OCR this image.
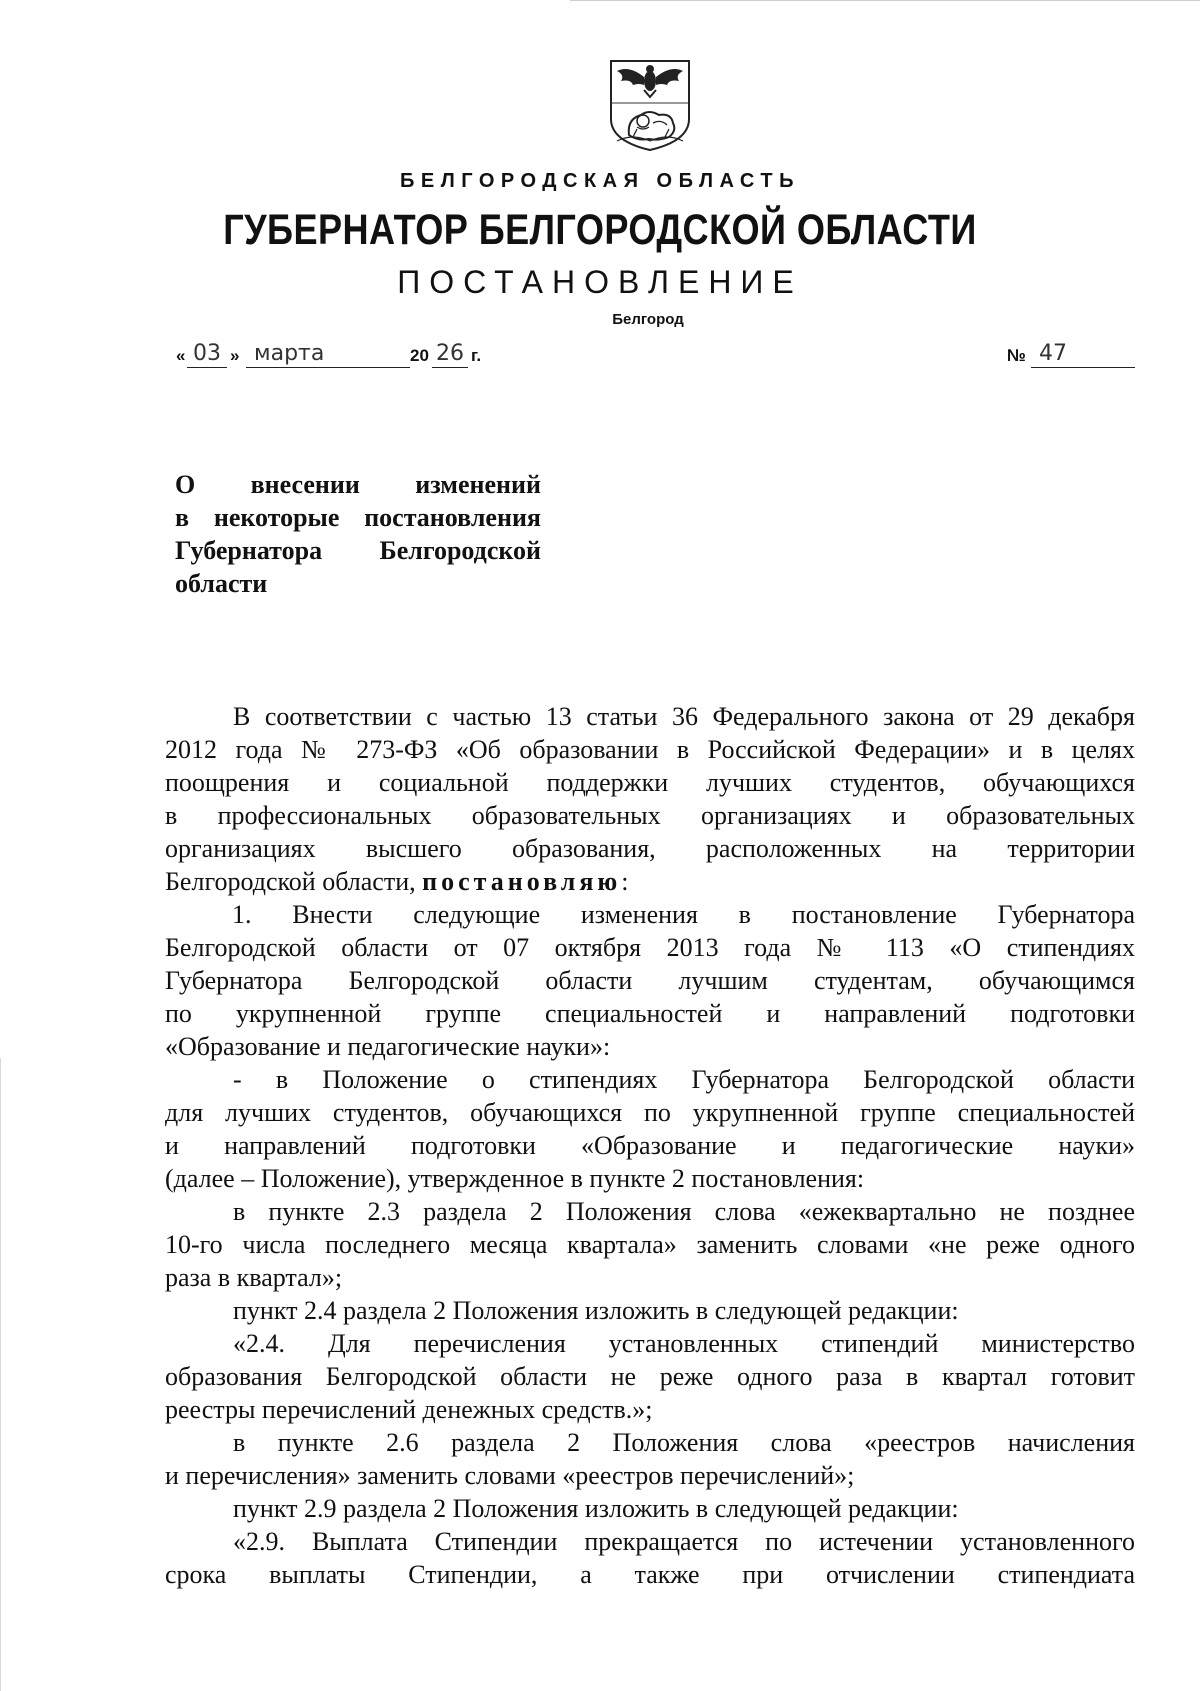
БЕЛГОРОДСКАЯ ОБЛАСТЬ
ГУБЕРНАТОР БЕЛГОРОДСКОЙ ОБЛАСТИ
ПОСТАНОВЛЕНИЕ
Белгород
« 03 » марта	20 26 г.	№ 47
О внесении изменений
в некоторые постановления
Губернатора Белгородской
области
В соответствии с частью 13 статьи 36 Федерального закона от 29 декабря
2012 года № 273-ФЗ «Об образовании в Российской Федерации» и в целях
поощрения и социальной поддержки лучших студентов, обучающихся
в профессиональных образовательных организациях и образовательных
организациях высшего образования, расположенных на территории
Белгородской области, постановляю:
1. Внести следующие изменения в постановление Губернатора
Белгородской области от 07 октября 2013 года № 113 «О стипендиях
Губернатора Белгородской области лучшим студентам, обучающимся
по укрупненной группе специальностей и направлений подготовки
«Образование и педагогические науки»:
- в Положение о стипендиях Губернатора Белгородской области
для лучших студентов, обучающихся по укрупненной группе специальностей
и направлений подготовки «Образование и педагогические науки»
(далее – Положение), утвержденное в пункте 2 постановления:
в пункте 2.3 раздела 2 Положения слова «ежеквартально не позднее
10-го числа последнего месяца квартала» заменить словами «не реже одного
раза в квартал»;
пункт 2.4 раздела 2 Положения изложить в следующей редакции:
«2.4. Для перечисления установленных стипендий министерство
образования Белгородской области не реже одного раза в квартал готовит
реестры перечислений денежных средств.»;
в пункте 2.6 раздела 2 Положения слова «реестров начисления
и перечисления» заменить словами «реестров перечислений»;
пункт 2.9 раздела 2 Положения изложить в следующей редакции:
«2.9. Выплата Стипендии прекращается по истечении установленного
срока выплаты Стипендии, а также при отчислении стипендиата
